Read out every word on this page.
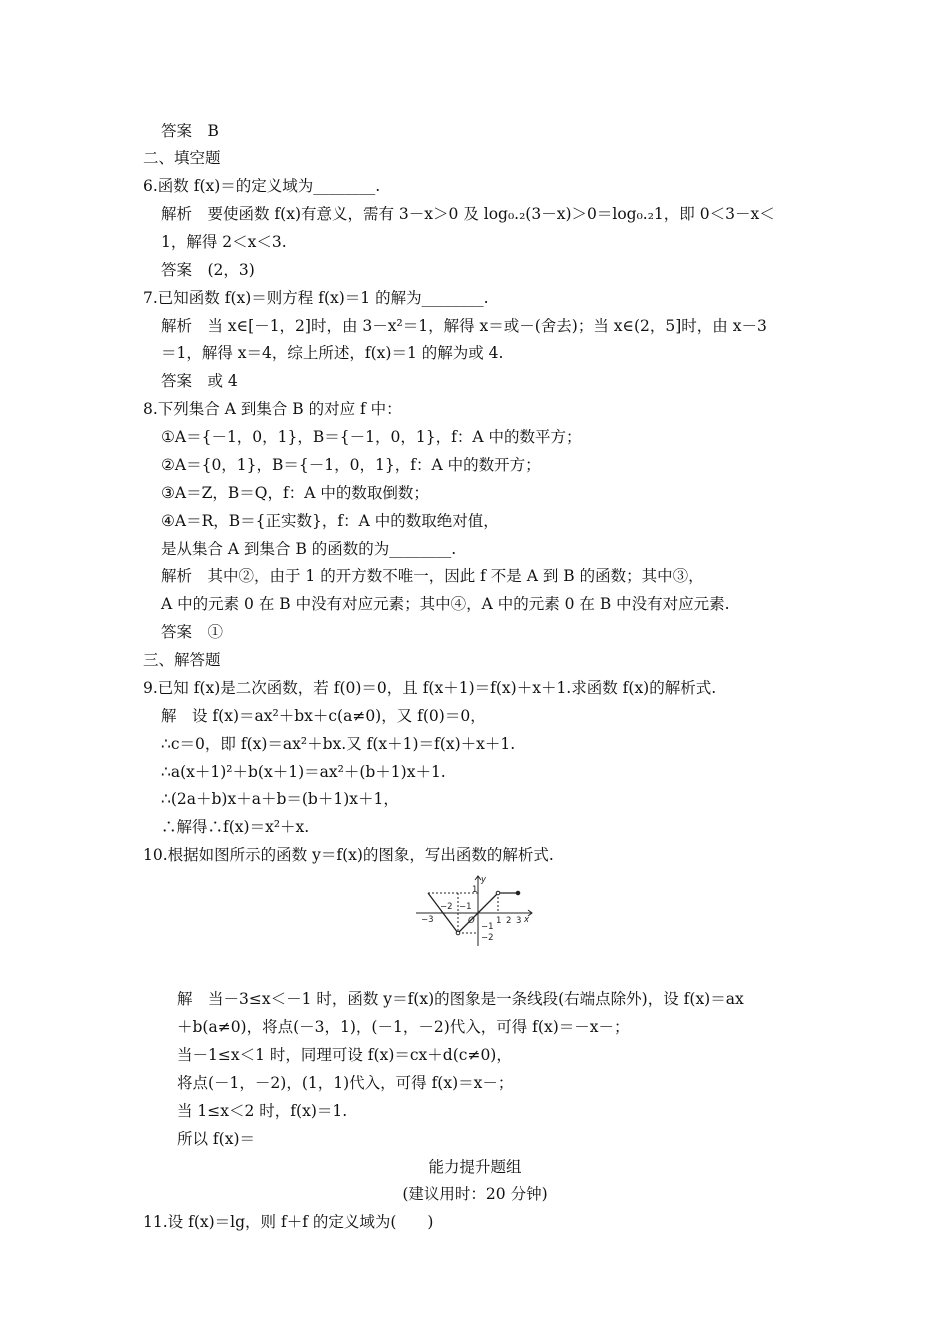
答案　B
二、填空题
6.函数 f(x)＝的定义域为________.
解析　要使函数 f(x)有意义，需有 3－x＞0 及 log₀.₂(3－x)＞0＝log₀.₂1，即 0＜3－x＜
1，解得 2＜x＜3.
答案　(2，3)
7.已知函数 f(x)＝则方程 f(x)＝1 的解为________.
解析　当 x∈[－1，2]时，由 3－x²＝1，解得 x＝或－(舍去)；当 x∈(2，5]时，由 x－3
＝1，解得 x＝4，综上所述，f(x)＝1 的解为或 4.
答案　或 4
8.下列集合 A 到集合 B 的对应 f 中：
①A＝{－1，0，1}，B＝{－1，0，1}，f：A 中的数平方；
②A＝{0，1}，B＝{－1，0，1}，f：A 中的数开方；
③A＝Z，B＝Q，f：A 中的数取倒数；
④A＝R，B＝{正实数}，f：A 中的数取绝对值，
是从集合 A 到集合 B 的函数的为________.
解析　其中②，由于 1 的开方数不唯一，因此 f 不是 A 到 B 的函数；其中③，
A 中的元素 0 在 B 中没有对应元素；其中④，A 中的元素 0 在 B 中没有对应元素.
答案　①
三、解答题
9.已知 f(x)是二次函数，若 f(0)＝0，且 f(x＋1)＝f(x)＋x＋1.求函数 f(x)的解析式.
解　设 f(x)＝ax²＋bx＋c(a≠0)，又 f(0)＝0，
∴c＝0，即 f(x)＝ax²＋bx.又 f(x＋1)＝f(x)＋x＋1.
∴a(x＋1)²＋b(x＋1)＝ax²＋(b＋1)x＋1.
∴(2a＋b)x＋a＋b＝(b＋1)x＋1，
∴解得∴f(x)＝x²＋x.
10.根据如图所示的函数 y＝f(x)的图象，写出函数的解析式.
x
y
−3
−2 −1
O	1 2 3
1
−1
−2
解　当－3≤x＜－1 时，函数 y＝f(x)的图象是一条线段(右端点除外)，设 f(x)＝ax
＋b(a≠0)，将点(－3，1)，(－1，－2)代入，可得 f(x)＝－x－；
当－1≤x＜1 时，同理可设 f(x)＝cx＋d(c≠0)，
将点(－1，－2)，(1，1)代入，可得 f(x)＝x－；
当 1≤x＜2 时，f(x)＝1.
所以 f(x)＝
能力提升题组
(建议用时：20 分钟)
11.设 f(x)＝lg，则 f＋f 的定义域为(　　)
